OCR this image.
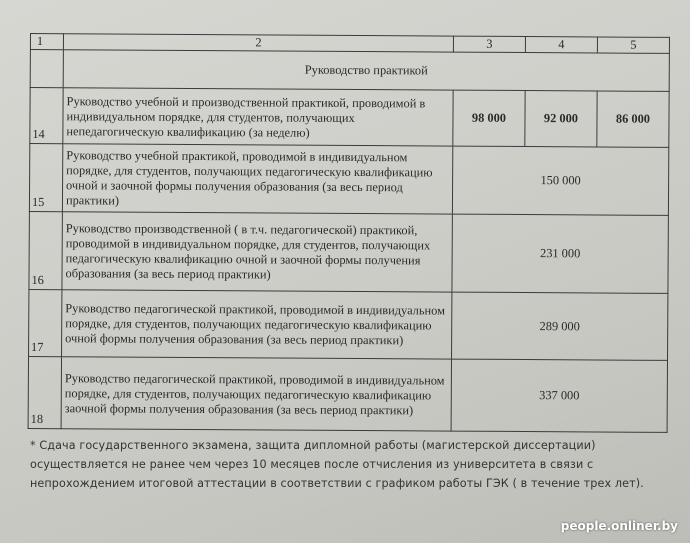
1	2	3	4	5
	Руководство практикой			
14	Руководство учебной и производственной практикой, проводимой в индивидуальном порядке, для студентов, получающих непедагогическую квалификацию (за неделю)	98 000	92 000	86 000
15	Руководство учебной практикой, проводимой в индивидуальном порядке, для студентов, получающих педагогическую квалификацию очной и заочной формы получения образования (за весь период практики)	150 000		
16	Руководство производственной ( в т.ч. педагогической) практикой, проводимой в индивидуальном порядке, для студентов, получающих педагогическую квалификацию очной и заочной формы получения образования (за весь период практики)	231 000		
17	Руководство педагогической практикой, проводимой в индивидуальном порядке, для студентов, получающих педагогическую квалификацию очной формы получения образования (за весь период практики)	289 000		
18	Руководство педагогической практикой, проводимой в индивидуальном порядке, для студентов, получающих педагогическую квалификацию заочной формы получения образования (за весь период практики)	337 000		
* Сдача государственного экзамена, защита дипломной работы (магистерской диссертации) осуществляется не ранее чем через 10 месяцев после отчисления из университета в связи с непрохождением итоговой аттестации в соответствии с графиком работы ГЭК ( в течение трех лет).
people.onliner.by
